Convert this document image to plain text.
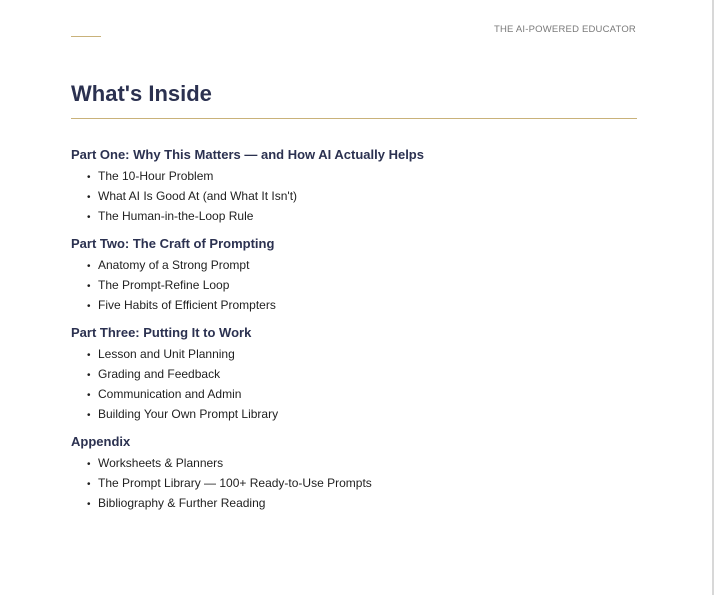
THE AI-POWERED EDUCATOR
What's Inside
Part One: Why This Matters — and How AI Actually Helps
• The 10-Hour Problem
• What AI Is Good At (and What It Isn't)
• The Human-in-the-Loop Rule
Part Two: The Craft of Prompting
• Anatomy of a Strong Prompt
• The Prompt-Refine Loop
• Five Habits of Efficient Prompters
Part Three: Putting It to Work
• Lesson and Unit Planning
• Grading and Feedback
• Communication and Admin
• Building Your Own Prompt Library
Appendix
• Worksheets & Planners
• The Prompt Library — 100+ Ready-to-Use Prompts
• Bibliography & Further Reading
